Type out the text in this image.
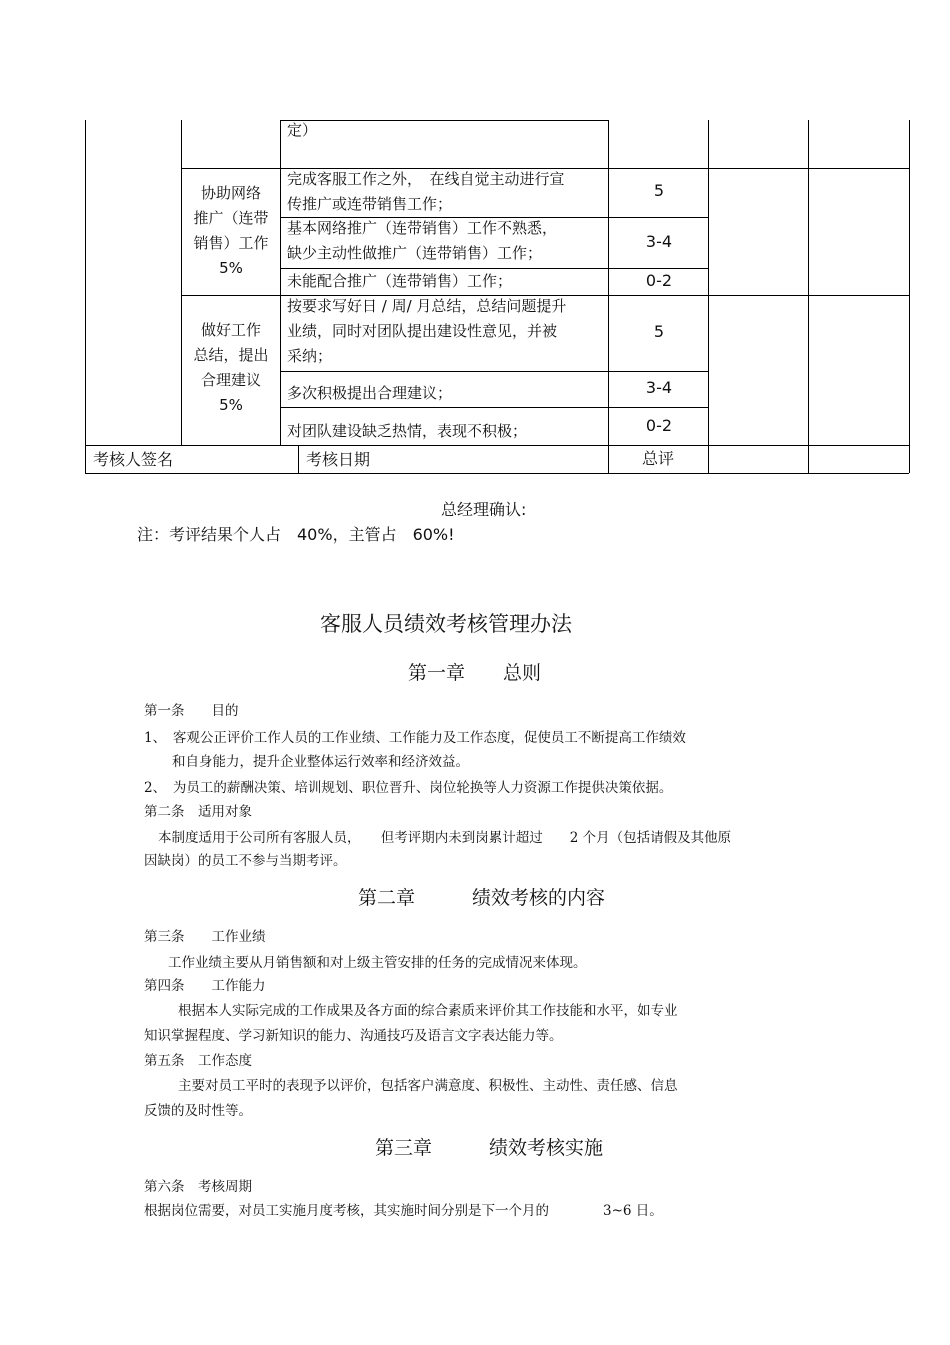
定）
协助网络
推广（连带
销售）工作
5%
完成客服工作之外，　在线自觉主动进行宣
传推广或连带销售工作；
基本网络推广（连带销售）工作不熟悉，
缺少主动性做推广（连带销售）工作；
未能配合推广（连带销售）工作；
5
3-4
0-2
做好工作
总结，提出
合理建议
5%
按要求写好日 / 周/ 月总结，总结问题提升
业绩，同时对团队提出建设性意见，并被
采纳；
多次积极提出合理建议；
对团队建设缺乏热情，表现不积极；
5
3-4
0-2
考核人签名	考核日期	总评
总经理确认:
注：考评结果个人占　40%，主管占　60%!
客服人员绩效考核管理办法
第一章　　总则
第一条　　目的
1、　客观公正评价工作人员的工作业绩、工作能力及工作态度，促使员工不断提高工作绩效
和自身能力，提升企业整体运行效率和经济效益。
2、　为员工的薪酬决策、培训规划、职位晋升、岗位轮换等人力资源工作提供决策依据。
第二条　适用对象
本制度适用于公司所有客服人员，　　但考评期内未到岗累计超过　　2 个月（包括请假及其他原
因缺岗）的员工不参与当期考评。
第二章　　　绩效考核的内容
第三条　　工作业绩
工作业绩主要从月销售额和对上级主管安排的任务的完成情况来体现。
第四条　　工作能力
根据本人实际完成的工作成果及各方面的综合素质来评价其工作技能和水平，如专业
知识掌握程度、学习新知识的能力、沟通技巧及语言文字表达能力等。
第五条　工作态度
主要对员工平时的表现予以评价，包括客户满意度、积极性、主动性、责任感、信息
反馈的及时性等。
第三章　　　绩效考核实施
第六条　考核周期
根据岗位需要，对员工实施月度考核，其实施时间分别是下一个月的　　　　3~6 日。
